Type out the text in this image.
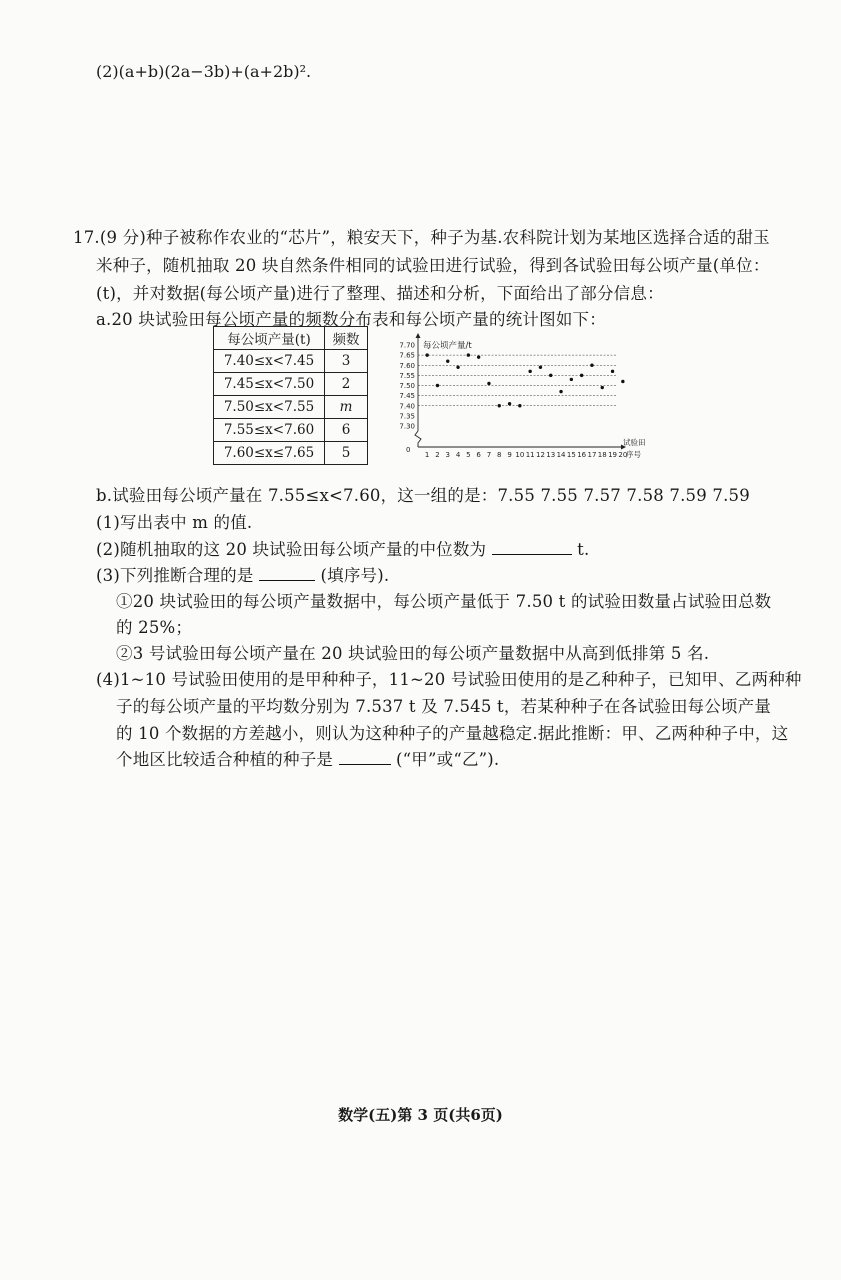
(2)(a+b)(2a−3b)+(a+2b)².
17.(9 分)种子被称作农业的“芯片”，粮安天下，种子为基.农科院计划为某地区选择合适的甜玉
米种子，随机抽取 20 块自然条件相同的试验田进行试验，得到各试验田每公顷产量(单位：
(t)，并对数据(每公顷产量)进行了整理、描述和分析，下面给出了部分信息：
a.20 块试验田每公顷产量的频数分布表和每公顷产量的统计图如下：
每公顷产量(t)	频数
7.40≤x<7.45	3
7.45≤x<7.50	2
7.50≤x<7.55	m
7.55≤x<7.60	6
7.60≤x≤7.65	5
7.70
7.65
7.60
7.55
7.50
7.45
7.40
7.35
7.30
1 2 3 4 5 6 7 8 9 10 11 12 13 14 15 16 17 18 19 20
每公顷产量/t
0
试验田
序号
b.试验田每公顷产量在 7.55≤x<7.60，这一组的是：7.55 7.55 7.57 7.58 7.59 7.59
(1)写出表中 m 的值.
(2)随机抽取的这 20 块试验田每公顷产量的中位数为	t.
(3)下列推断合理的是	(填序号).
①20 块试验田的每公顷产量数据中，每公顷产量低于 7.50 t 的试验田数量占试验田总数
的 25%；
②3 号试验田每公顷产量在 20 块试验田的每公顷产量数据中从高到低排第 5 名.
(4)1~10 号试验田使用的是甲种种子，11~20 号试验田使用的是乙种种子，已知甲、乙两种种
子的每公顷产量的平均数分别为 7.537 t 及 7.545 t，若某种种子在各试验田每公顷产量
的 10 个数据的方差越小，则认为这种种子的产量越稳定.据此推断：甲、乙两种种子中，这
个地区比较适合种植的种子是	(“甲”或“乙”).
数学(五)第 3 页(共6页)
